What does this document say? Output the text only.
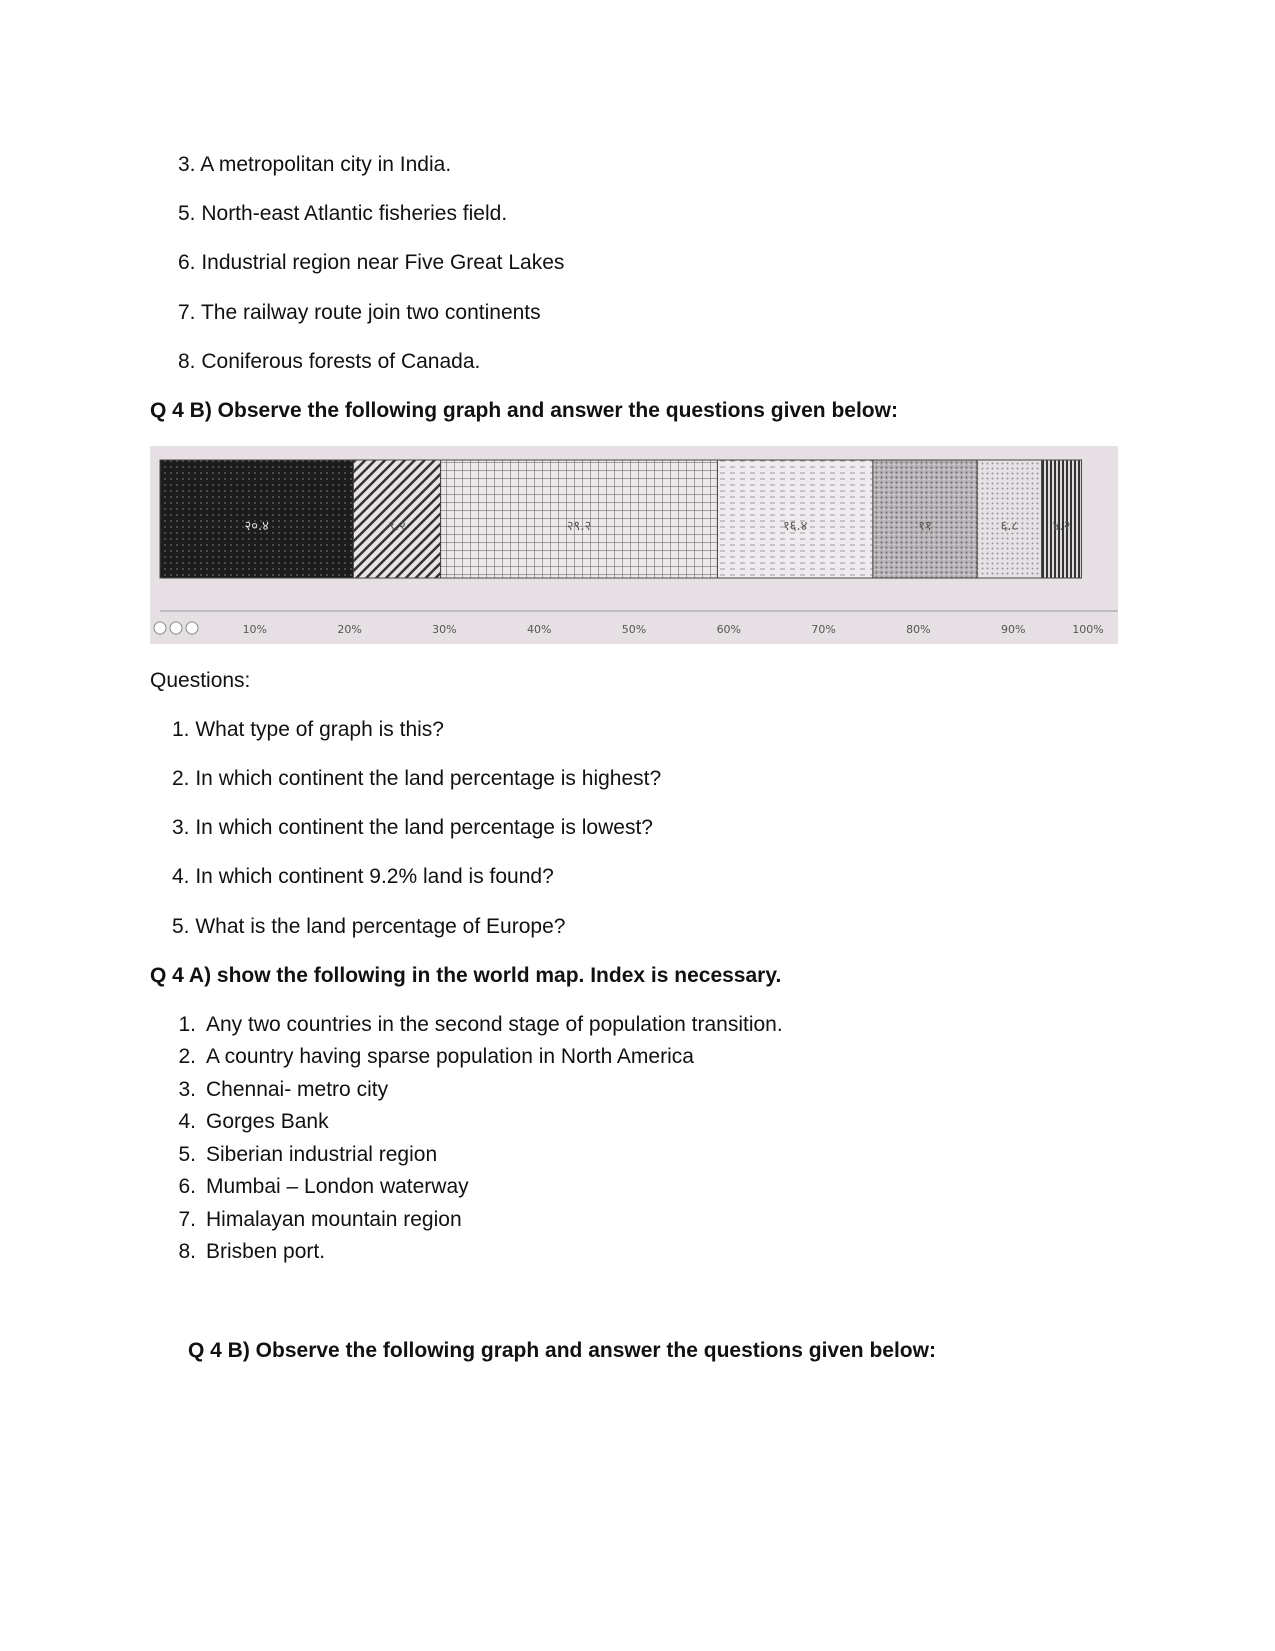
3. A metropolitan city in India.
5. North-east Atlantic fisheries field.
6. Industrial region near Five Great Lakes
7. The railway route join two continents
8. Coniferous forests of Canada.
Q 4 B) Observe the following graph and answer the questions given below:
२०.४	९.२	२९.२	१६.४	११	६.८	४.२
10%	20%	30%	40%	50%	60%	70%	80%	90%	100%
Questions:
1. What type of graph is this?
2. In which continent the land percentage is highest?
3. In which continent the land percentage is lowest?
4. In which continent 9.2% land is found?
5. What is the land percentage of Europe?
Q 4 A) show the following in the world map. Index is necessary.
1. Any two countries in the second stage of population transition.
2. A country having sparse population in North America
3. Chennai- metro city
4. Gorges Bank
5. Siberian industrial region
6. Mumbai – London waterway
7. Himalayan mountain region
8. Brisben port.
Q 4 B) Observe the following graph and answer the questions given below:
